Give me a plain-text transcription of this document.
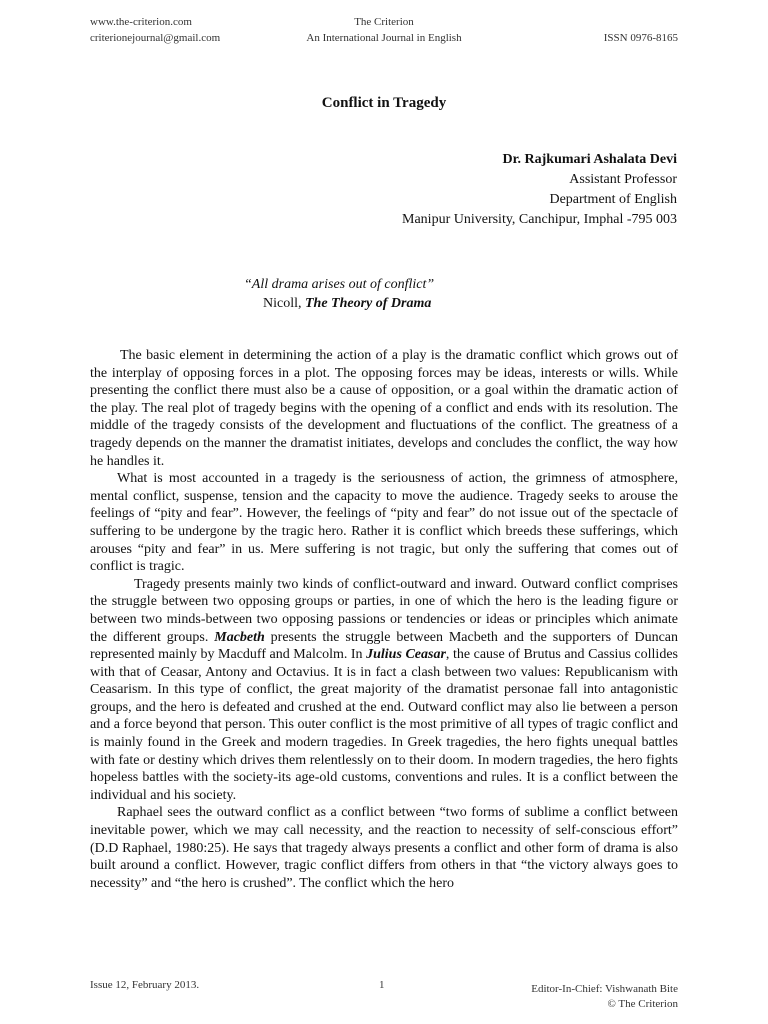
www.the-criterion.com
criterionejournal@gmail.com
The Criterion
An International Journal in English	ISSN 0976-8165
Conflict in Tragedy
Dr. Rajkumari Ashalata Devi
Assistant Professor
Department of English
Manipur University, Canchipur, Imphal -795 003
“All drama arises out of conflict”
Nicoll, The Theory of Drama

The basic element in determining the action of a play is the dramatic conflict which grows out of the interplay of opposing forces in a plot. The opposing forces may be ideas, interests or wills. While presenting the conflict there must also be a cause of opposition, or a goal within the dramatic action of the play. The real plot of tragedy begins with the opening of a conflict and ends with its resolution. The middle of the tragedy consists of the development and fluctuations of the conflict. The greatness of a tragedy depends on the manner the dramatist initiates, develops and concludes the conflict, the way how he handles it.

What is most accounted in a tragedy is the seriousness of action, the grimness of atmosphere, mental conflict, suspense, tension and the capacity to move the audience. Tragedy seeks to arouse the feelings of “pity and fear”. However, the feelings of “pity and fear” do not issue out of the spectacle of suffering to be undergone by the tragic hero. Rather it is conflict which breeds these sufferings, which arouses “pity and fear” in us. Mere suffering is not tragic, but only the suffering that comes out of conflict is tragic.

Tragedy presents mainly two kinds of conflict-outward and inward. Outward conflict comprises the struggle between two opposing groups or parties, in one of which the hero is the leading figure or between two minds-between two opposing passions or tendencies or ideas or principles which animate the different groups. Macbeth presents the struggle between Macbeth and the supporters of Duncan represented mainly by Macduff and Malcolm. In Julius Ceasar, the cause of Brutus and Cassius collides with that of Ceasar, Antony and Octavius. It is in fact a clash between two values: Republicanism with Ceasarism. In this type of conflict, the great majority of the dramatist personae fall into antagonistic groups, and the hero is defeated and crushed at the end. Outward conflict may also lie between a person and a force beyond that person. This outer conflict is the most primitive of all types of tragic conflict and is mainly found in the Greek and modern tragedies. In Greek tragedies, the hero fights unequal battles with fate or destiny which drives them relentlessly on to their doom. In modern tragedies, the hero fights hopeless battles with the society-its age-old customs, conventions and rules. It is a conflict between the individual and his society.

Raphael sees the outward conflict as a conflict between “two forms of sublime a conflict between inevitable power, which we may call necessity, and the reaction to necessity of self-conscious effort” (D.D Raphael, 1980:25). He says that tragedy always presents a conflict and other form of drama is also built around a conflict. However, tragic conflict differs from others in that “the victory always goes to necessity” and “the hero is crushed”. The conflict which the hero

Issue 12, February 2013.	1	Editor-In-Chief: Vishwanath Bite
© The Criterion
